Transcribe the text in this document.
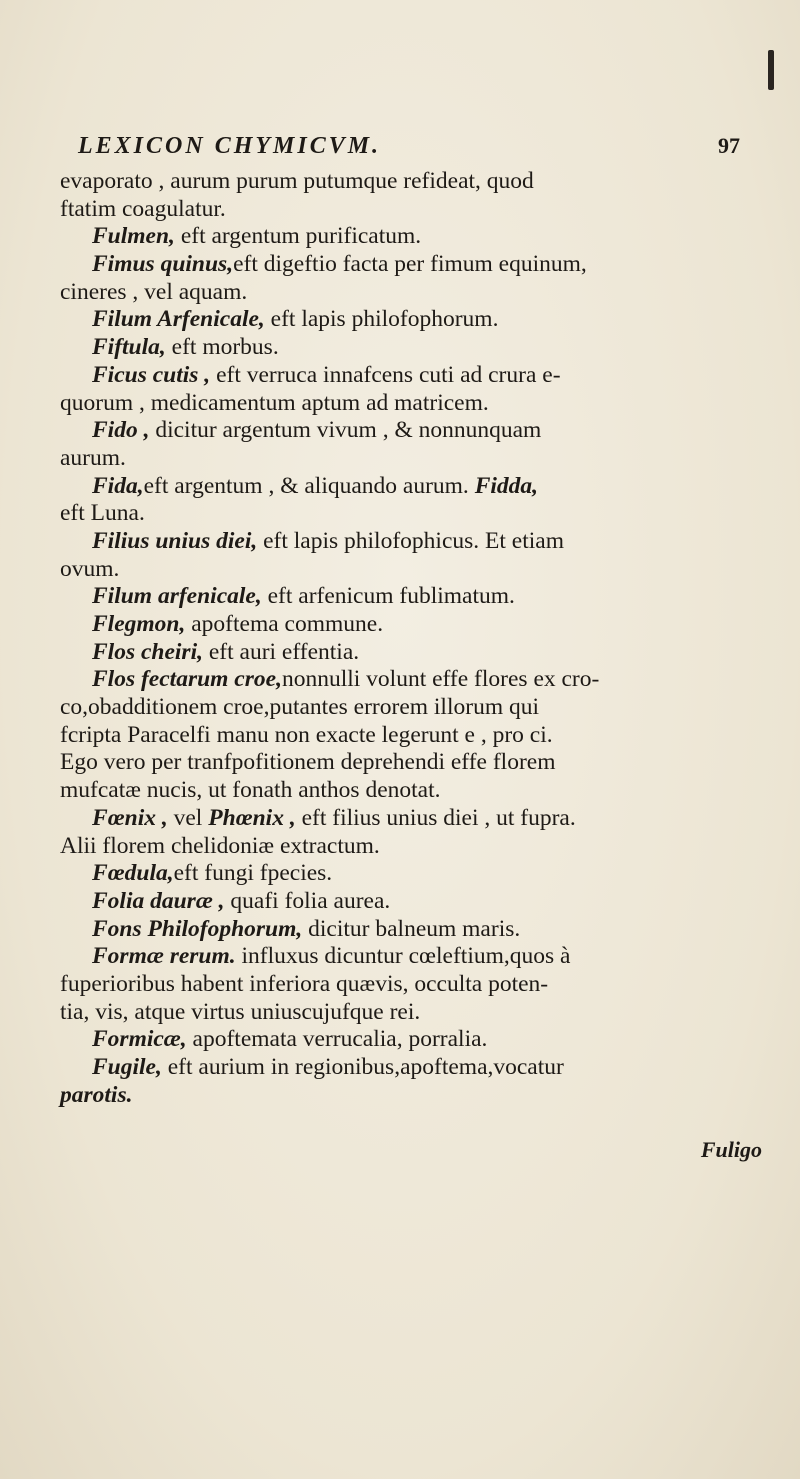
LEXICON CHYMICVM.	97
evaporato , aurum purum putumque refideat, quod
ftatim coagulatur.
Fulmen, eft argentum purificatum.
Fimus quinus,eft digeftio facta per fimum equinum,
cineres , vel aquam.
Filum Arfenicale, eft lapis philofophorum.
Fiftula, eft morbus.
Ficus cutis , eft verruca innafcens cuti ad crura e-
quorum , medicamentum aptum ad matricem.
Fido , dicitur argentum vivum , & nonnunquam
aurum.
Fida,eft argentum , & aliquando aurum. Fidda,
eft Luna.
Filius unius diei, eft lapis philofophicus. Et etiam
ovum.
Filum arfenicale, eft arfenicum fublimatum.
Flegmon, apoftema commune.
Flos cheiri, eft auri effentia.
Flos fectarum croe,nonnulli volunt effe flores ex cro-
co,obadditionem croe,putantes errorem illorum qui
fcripta Paracelfi manu non exacte legerunt e , pro ci.
Ego vero per tranfpofitionem deprehendi effe florem
mufcatæ nucis, ut fonath anthos denotat.
Fœnix , vel Phœnix , eft filius unius diei , ut fupra.
Alii florem chelidoniæ extractum.
Fœdula,eft fungi fpecies.
Folia dauræ , quafi folia aurea.
Fons Philofophorum, dicitur balneum maris.
Formæ rerum. influxus dicuntur cœleftium,quos à
fuperioribus habent inferiora quævis, occulta poten-
tia, vis, atque virtus uniuscujufque rei.
Formicæ, apoftemata verrucalia, porralia.
Fugile, eft aurium in regionibus,apoftema,vocatur
parotis.
Fuligo
